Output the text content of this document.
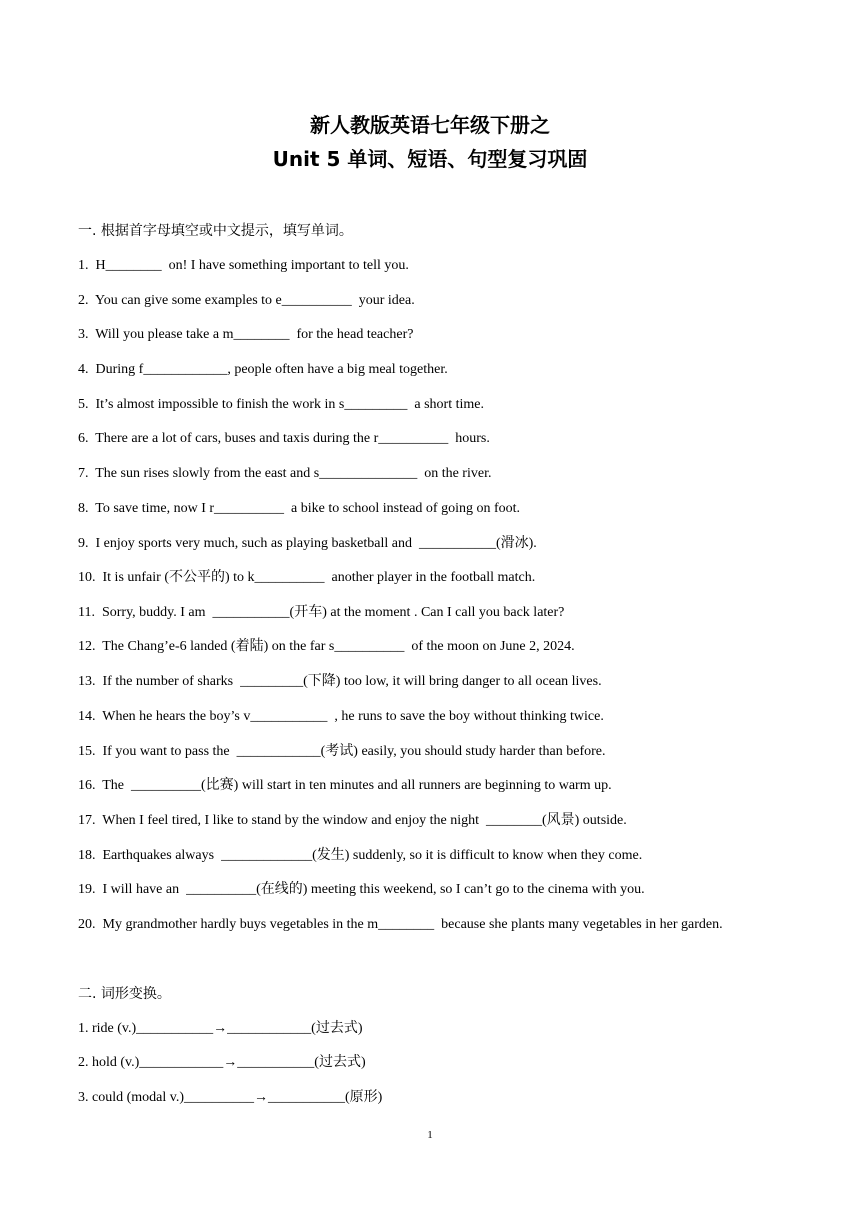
新人教版英语七年级下册之
Unit 5 单词、短语、句型复习巩固
一. 根据首字母填空或中文提示，填写单词。
1.  H________  on! I have something important to tell you.
2.  You can give some examples to e__________  your idea.
3.  Will you please take a m________  for the head teacher?
4.  During f____________, people often have a big meal together.
5.  It’s almost impossible to finish the work in s_________  a short time.
6.  There are a lot of cars, buses and taxis during the r__________  hours.
7.  The sun rises slowly from the east and s______________  on the river.
8.  To save time, now I r__________  a bike to school instead of going on foot.
9.  I enjoy sports very much, such as playing basketball and  ___________(滑冰).
10.  It is unfair (不公平的) to k__________  another player in the football match.
11.  Sorry, buddy. I am  ___________(开车) at the moment . Can I call you back later?
12.  The Chang’e-6 landed (着陆) on the far s__________  of the moon on June 2, 2024.
13.  If the number of sharks  _________(下降) too low, it will bring danger to all ocean lives.
14.  When he hears the boy’s v___________  , he runs to save the boy without thinking twice.
15.  If you want to pass the  ____________(考试) easily, you should study harder than before.
16.  The  __________(比赛) will start in ten minutes and all runners are beginning to warm up.
17.  When I feel tired, I like to stand by the window and enjoy the night  ________(风景) outside.
18.  Earthquakes always  _____________(发生) suddenly, so it is difficult to know when they come.
19.  I will have an  __________(在线的) meeting this weekend, so I can’t go to the cinema with you.
20.  My grandmother hardly buys vegetables in the m________  because she plants many vegetables in her garden.
二. 词形变换。
1. ride (v.)___________→____________(过去式)
2. hold (v.)____________→___________(过去式)
3. could (modal v.)__________→___________(原形)
1
